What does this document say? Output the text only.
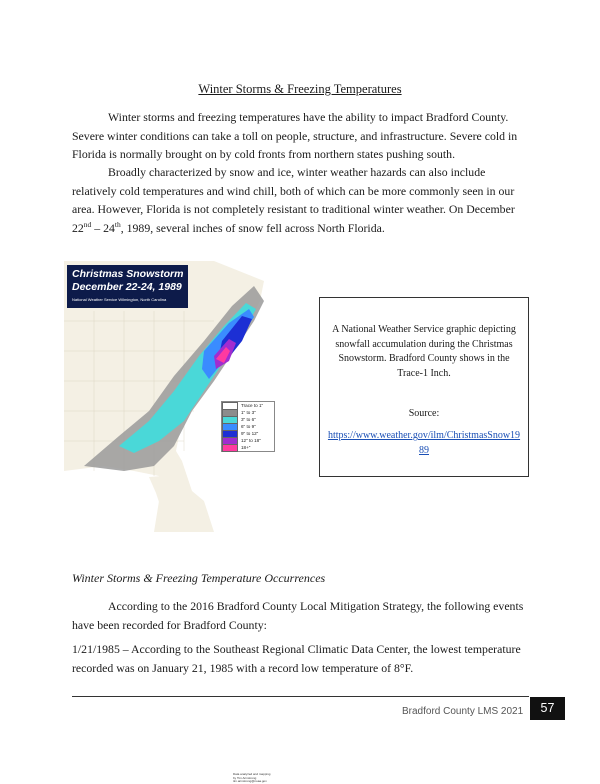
Winter Storms & Freezing Temperatures
Winter storms and freezing temperatures have the ability to impact Bradford County. Severe winter conditions can take a toll on people, structure, and infrastructure. Severe cold in Florida is normally brought on by cold fronts from northern states pushing south.
Broadly characterized by snow and ice, winter weather hazards can also include relatively cold temperatures and wind chill, both of which can be more commonly seen in our area. However, Florida is not completely resistant to traditional winter weather. On December 22nd – 24th, 1989, several inches of snow fell across North Florida.
Christmas Snowstorm
December 22-24, 1989
National Weather Service Wilmington, North Carolina
Trace to 1"
1" to 3"
3" to 6"
6" to 9"
9" to 12"
12" to 18"
18+"
Data analyzed and mapping by Tim Armstrong tim.armstrong@noaa.gov
A National Weather Service graphic depicting snowfall accumulation during the Christmas Snowstorm. Bradford County shows in the Trace-1 Inch.
Source:
https://www.weather.gov/ilm/ChristmasSnow1989
Winter Storms & Freezing Temperature Occurrences
According to the 2016 Bradford County Local Mitigation Strategy, the following events have been recorded for Bradford County:
1/21/1985 – According to the Southeast Regional Climatic Data Center, the lowest temperature recorded was on January 21, 1985 with a record low temperature of 8°F.
Bradford County LMS 2021	57
